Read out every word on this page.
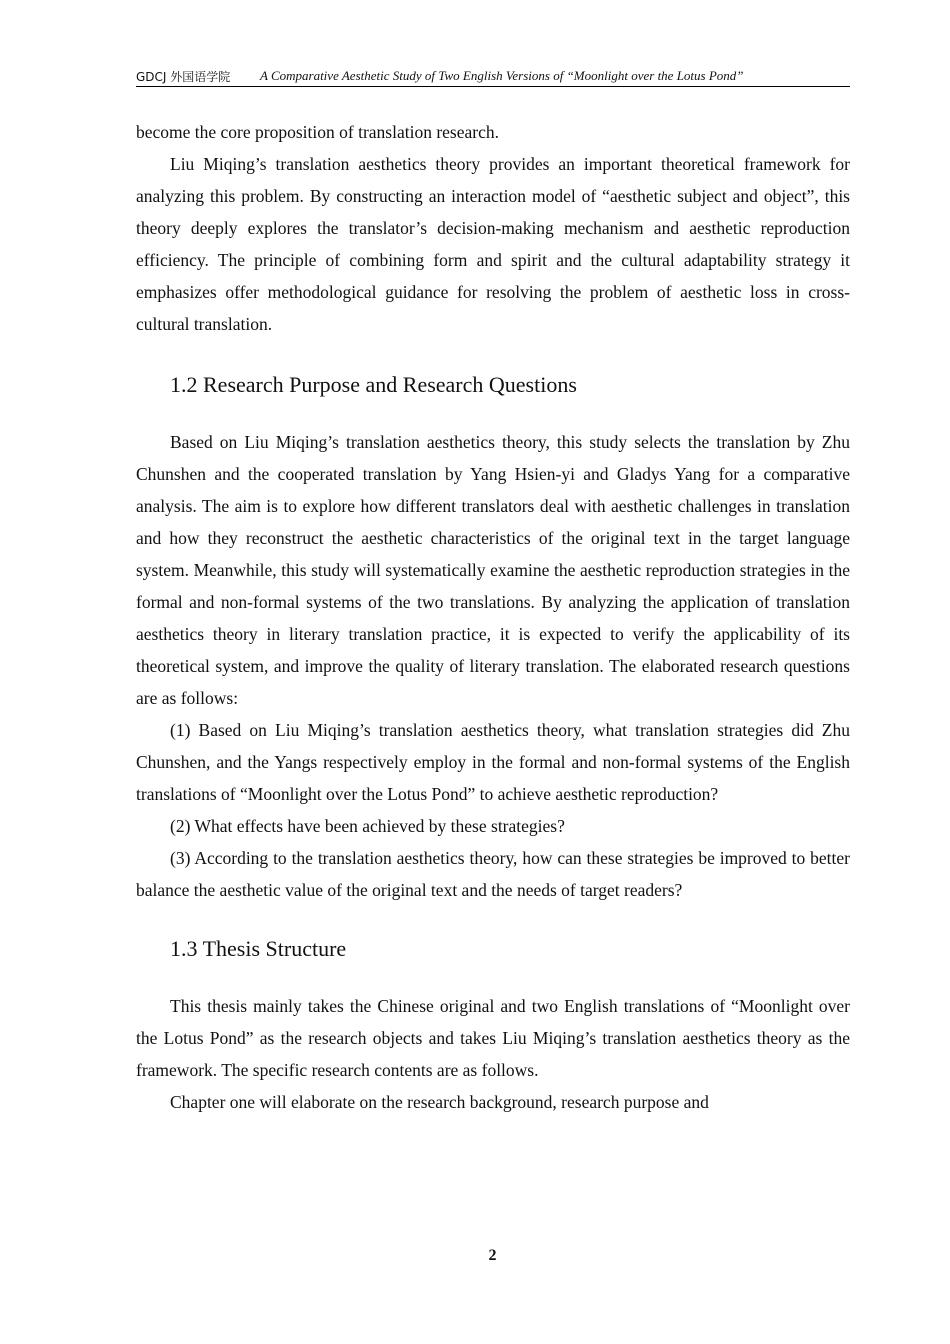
GDCJ 外国语学院 A Comparative Aesthetic Study of Two English Versions of “Moonlight over the Lotus Pond”

become the core proposition of translation research.

Liu Miqing’s translation aesthetics theory provides an important theoretical framework for analyzing this problem. By constructing an interaction model of “aesthetic subject and object”, this theory deeply explores the translator’s decision-making mechanism and aesthetic reproduction efficiency. The principle of combining form and spirit and the cultural adaptability strategy it emphasizes offer methodological guidance for resolving the problem of aesthetic loss in cross-cultural translation.

1.2 Research Purpose and Research Questions

Based on Liu Miqing’s translation aesthetics theory, this study selects the translation by Zhu Chunshen and the cooperated translation by Yang Hsien-yi and Gladys Yang for a comparative analysis. The aim is to explore how different translators deal with aesthetic challenges in translation and how they reconstruct the aesthetic characteristics of the original text in the target language system. Meanwhile, this study will systematically examine the aesthetic reproduction strategies in the formal and non-formal systems of the two translations. By analyzing the application of translation aesthetics theory in literary translation practice, it is expected to verify the applicability of its theoretical system, and improve the quality of literary translation. The elaborated research questions are as follows:

(1) Based on Liu Miqing’s translation aesthetics theory, what translation strategies did Zhu Chunshen, and the Yangs respectively employ in the formal and non-formal systems of the English translations of “Moonlight over the Lotus Pond” to achieve aesthetic reproduction?

(2) What effects have been achieved by these strategies?

(3) According to the translation aesthetics theory, how can these strategies be improved to better balance the aesthetic value of the original text and the needs of target readers?

1.3 Thesis Structure

This thesis mainly takes the Chinese original and two English translations of “Moonlight over the Lotus Pond” as the research objects and takes Liu Miqing’s translation aesthetics theory as the framework. The specific research contents are as follows.

Chapter one will elaborate on the research background, research purpose and

2
